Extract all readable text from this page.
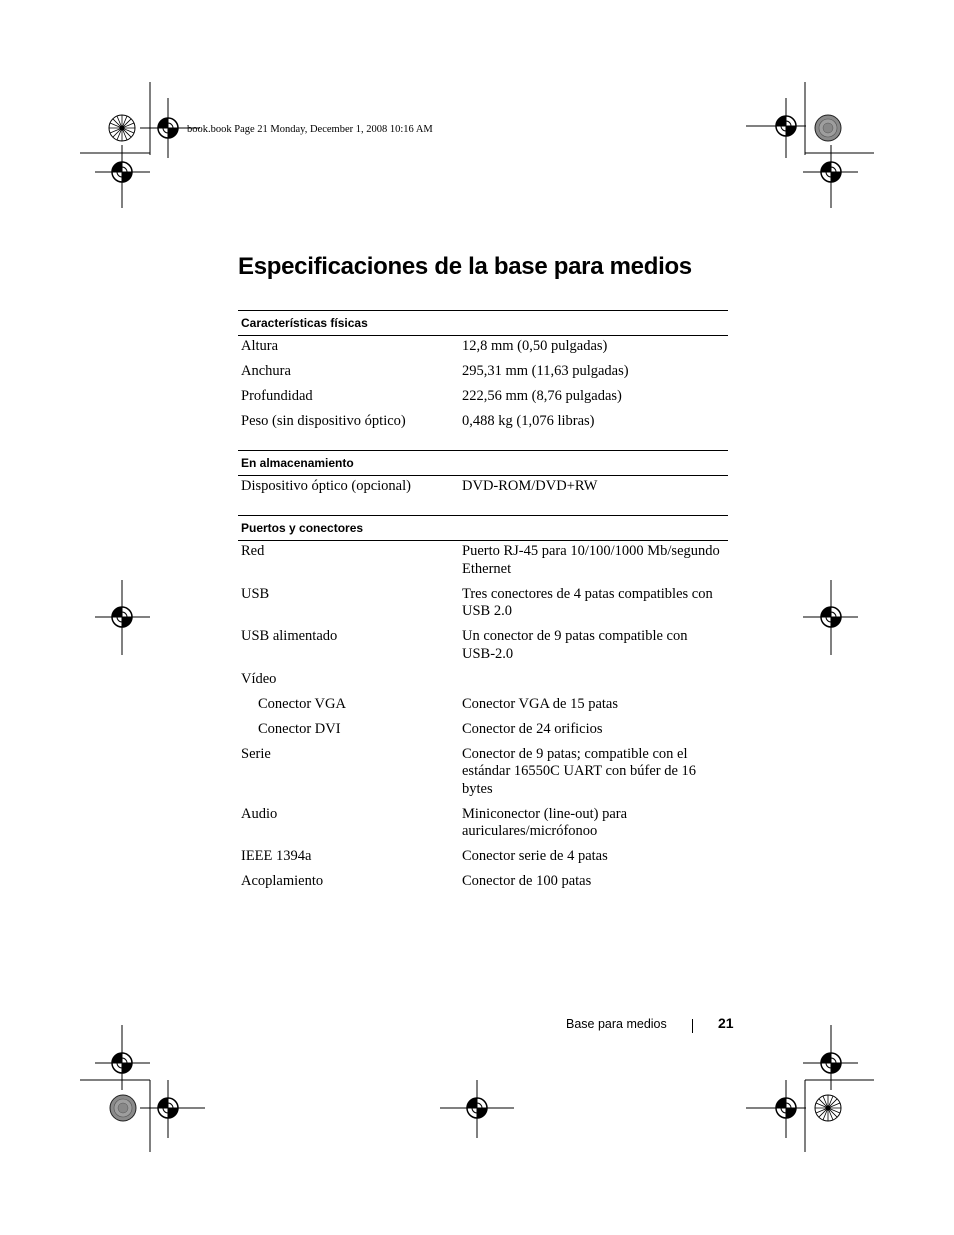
book.book Page 21 Monday, December 1, 2008 10:16 AM
Especificaciones de la base para medios
Características físicas
Altura	12,8 mm (0,50 pulgadas)
Anchura	295,31 mm (11,63 pulgadas)
Profundidad	222,56 mm (8,76 pulgadas)
Peso (sin dispositivo óptico)	0,488 kg (1,076 libras)
En almacenamiento
Dispositivo óptico (opcional)	DVD-ROM/DVD+RW
Puertos y conectores
Red	Puerto RJ-45 para 10/100/1000 Mb/segundo Ethernet
USB	Tres conectores de 4 patas compatibles con USB 2.0
USB alimentado	Un conector de 9 patas compatible con USB-2.0
Vídeo
Conector VGA	Conector VGA de 15 patas
Conector DVI	Conector de 24 orificios
Serie	Conector de 9 patas; compatible con el estándar 16550C UART con búfer de 16 bytes
Audio	Miniconector (line-out) para auriculares/micrófonoo
IEEE 1394a	Conector serie de 4 patas
Acoplamiento	Conector de 100 patas
Base para medios	21
